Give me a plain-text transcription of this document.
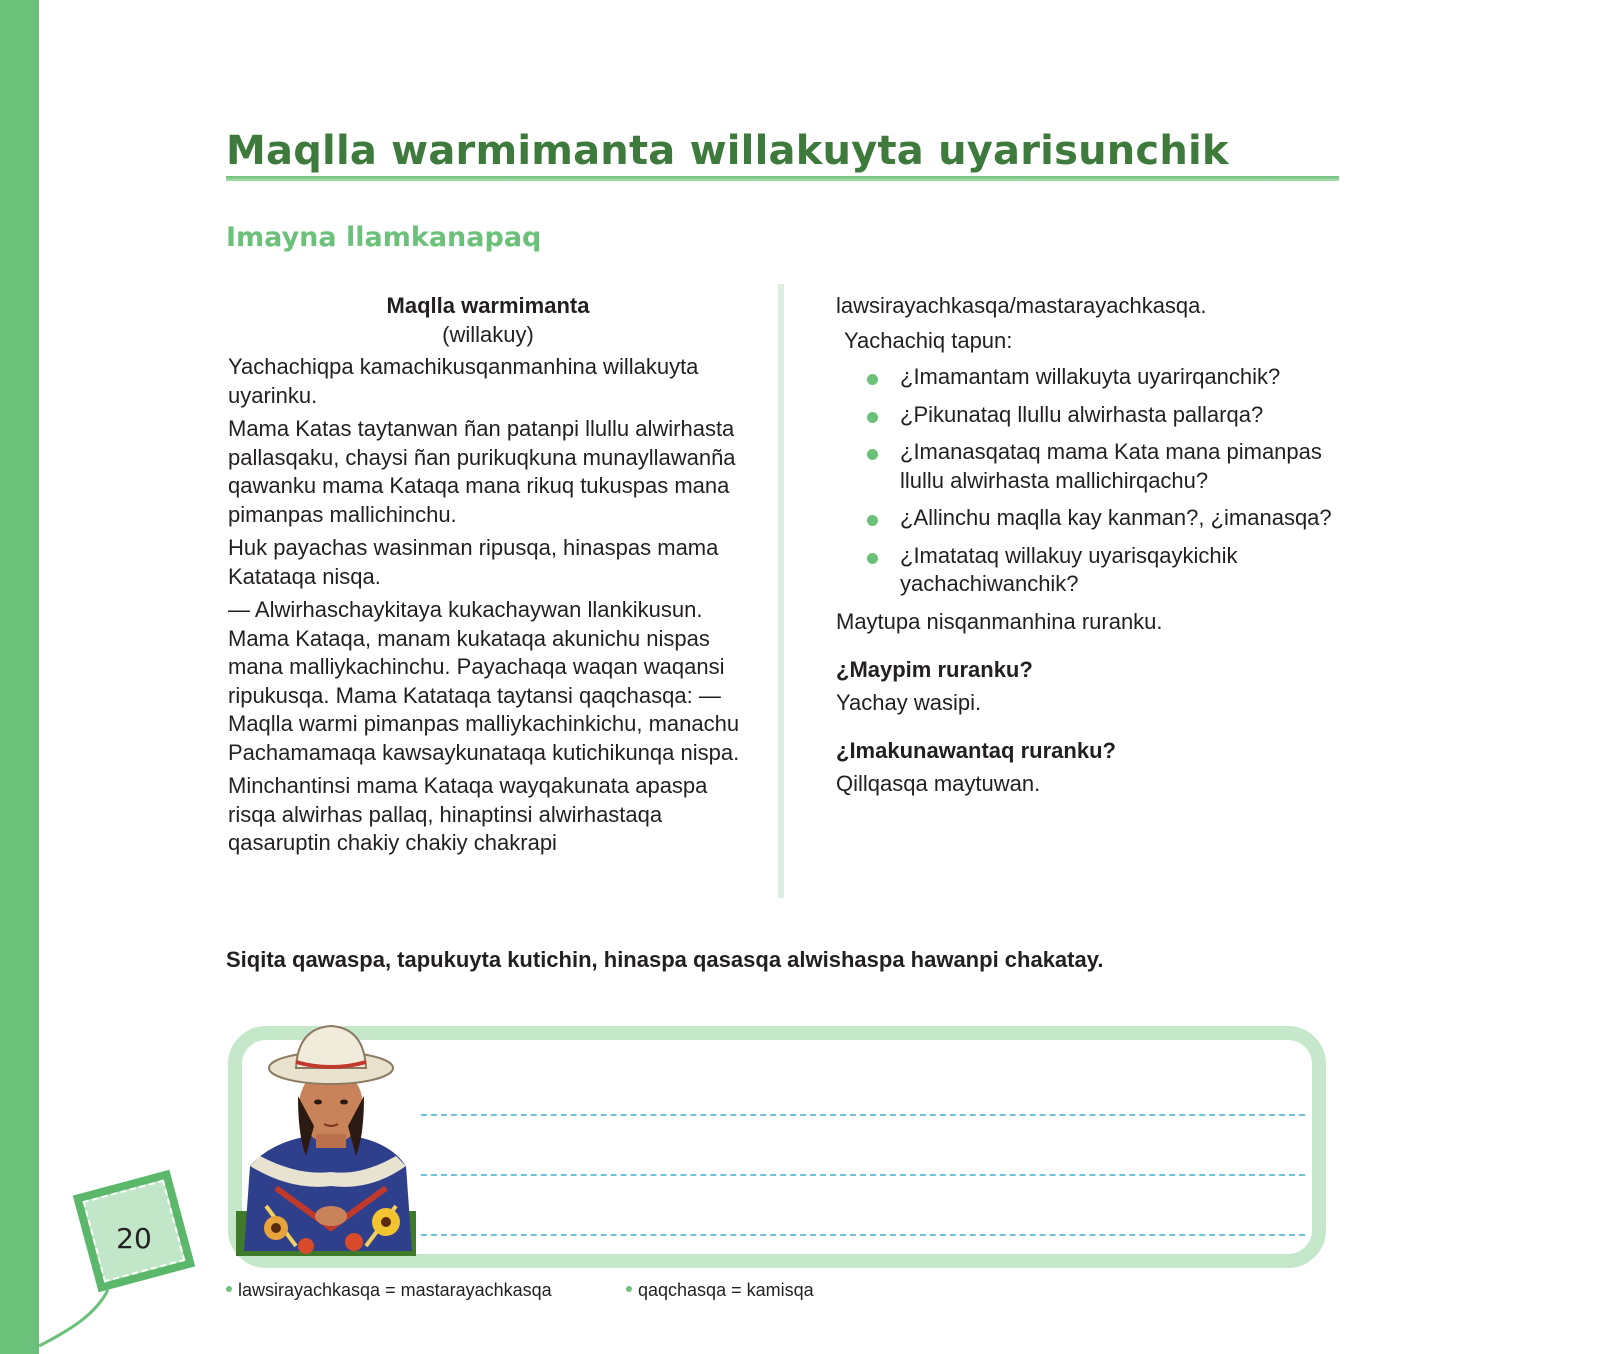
Maqlla warmimanta willakuyta uyarisunchik
Imayna llamkanapaq

Maqlla warmimanta

(willakuy)

Yachachiqpa kamachikusqanmanhina willakuyta uyarinku.

Mama Katas taytanwan ñan patanpi llullu alwirhasta pallasqaku, chaysi ñan purikuqkuna munayllawanña qawanku mama Kataqa mana rikuq tukuspas mana pimanpas mallichinchu.

Huk payachas wasinman ripusqa, hinaspas mama Katataqa nisqa.

— Alwirhaschaykitaya kukachaywan llankikusun. Mama Kataqa, manam kukataqa akunichu nispas mana malliykachinchu. Payachaqa waqan waqansi ripukusqa. Mama Katataqa taytansi qaqchasqa: —Maqlla warmi pimanpas malliykachinkichu, manachu Pachamamaqa kawsaykunataqa kutichikunqa nispa.

Minchantinsi mama Kataqa wayqakunata apaspa risqa alwirhas pallaq, hinaptinsi alwirhastaqa qasaruptin chakiy chakiy chakrapi

lawsirayachkasqa/mastarayachkasqa.

Yachachiq tapun:

¿Imamantam willakuyta uyarirqanchik?
¿Pikunataq llullu alwirhasta pallarqa?
¿Imanasqataq mama Kata mana pimanpas llullu alwirhasta mallichirqachu?
¿Allinchu maqlla kay kanman?, ¿imanasqa?
¿Imatataq willakuy uyarisqaykichik yachachiwanchik?

Maytupa nisqanmanhina ruranku.

¿Maypim ruranku?

Yachay wasipi.

¿Imakunawantaq ruranku?

Qillqasqa maytuwan.

Siqita qawaspa, tapukuyta kutichin, hinaspa qasasqa alwishaspa hawanpi chakatay.

20
lawsirayachkasqa = mastarayachkasqa	qaqchasqa = kamisqa
